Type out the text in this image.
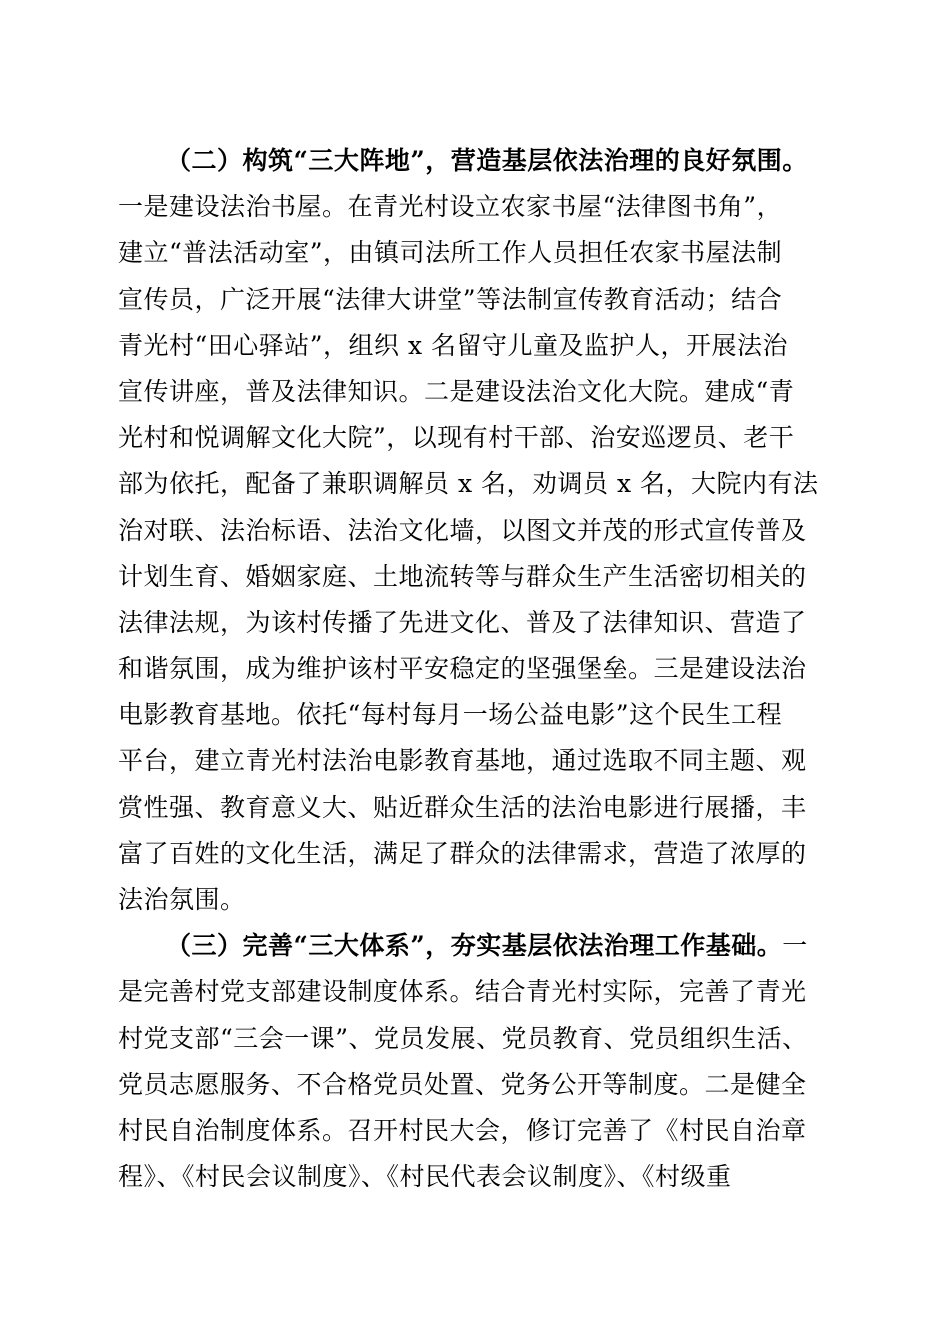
（二）构筑“三大阵地”，营造基层依法治理的良好氛围。
一是建设法治书屋。在青光村设立农家书屋“法律图书角”，
建立“普法活动室”，由镇司法所工作人员担任农家书屋法制
宣传员，广泛开展“法律大讲堂”等法制宣传教育活动；结合
青光村“田心驿站”，组织 x 名留守儿童及监护人，开展法治
宣传讲座，普及法律知识。二是建设法治文化大院。建成“青
光村和悦调解文化大院”，以现有村干部、治安巡逻员、老干
部为依托，配备了兼职调解员 x 名，劝调员 x 名，大院内有法
治对联、法治标语、法治文化墙，以图文并茂的形式宣传普及
计划生育、婚姻家庭、土地流转等与群众生产生活密切相关的
法律法规，为该村传播了先进文化、普及了法律知识、营造了
和谐氛围，成为维护该村平安稳定的坚强堡垒。三是建设法治
电影教育基地。依托“每村每月一场公益电影”这个民生工程
平台，建立青光村法治电影教育基地，通过选取不同主题、观
赏性强、教育意义大、贴近群众生活的法治电影进行展播，丰
富了百姓的文化生活，满足了群众的法律需求，营造了浓厚的
法治氛围。
（三）完善“三大体系”，夯实基层依法治理工作基础。一
是完善村党支部建设制度体系。结合青光村实际，完善了青光
村党支部“三会一课”、党员发展、党员教育、党员组织生活、
党员志愿服务、不合格党员处置、党务公开等制度。二是健全
村民自治制度体系。召开村民大会，修订完善了《村民自治章
程》、《村民会议制度》、《村民代表会议制度》、《村级重
